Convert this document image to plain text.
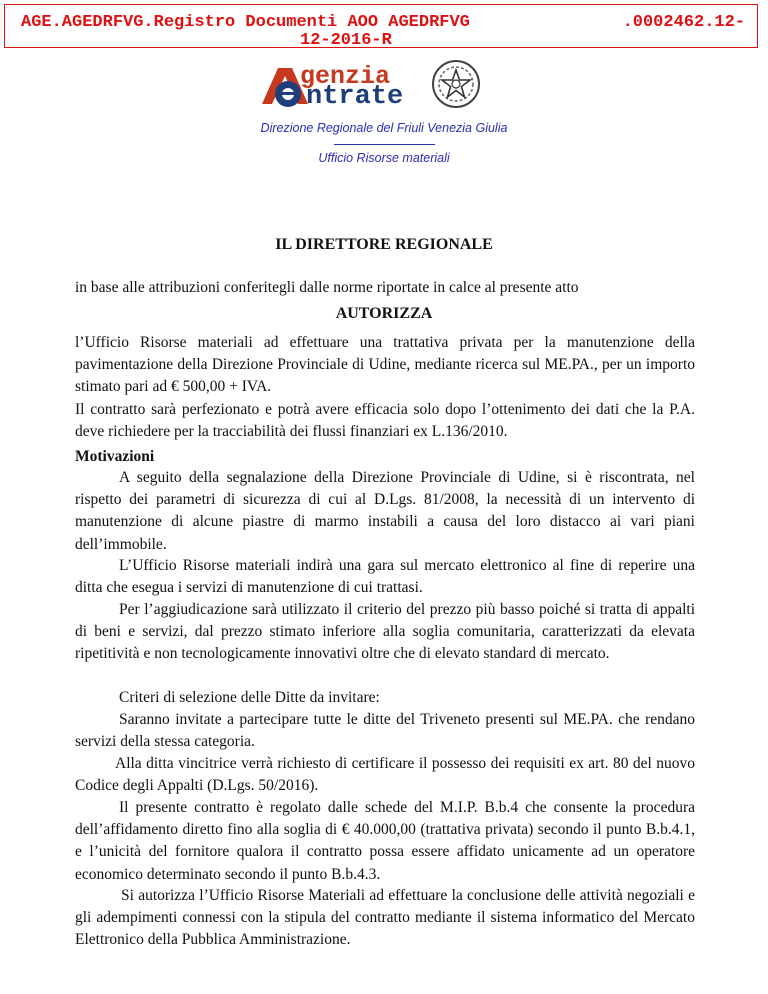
AGE.AGEDRFVG.Registro Documenti AOO AGEDRFVG	.0002462.12-
12-2016-R
genzia
ntrate
Direzione Regionale del Friuli Venezia Giulia
Ufficio Risorse materiali
IL DIRETTORE REGIONALE

in base alle attribuzioni conferitegli dalle norme riportate in calce al presente atto

AUTORIZZA

l’Ufficio Risorse materiali ad effettuare una trattativa privata per la manutenzione della pavimentazione della Direzione Provinciale di Udine, mediante ricerca sul ME.PA., per un importo stimato pari ad € 500,00 + IVA.

Il contratto sarà perfezionato e potrà avere efficacia solo dopo l’ottenimento dei dati che la P.A. deve richiedere per la tracciabilità dei flussi finanziari ex L.136/2010.

Motivazioni

A seguito della segnalazione della Direzione Provinciale di Udine, si è riscontrata, nel rispetto dei parametri di sicurezza di cui al D.Lgs. 81/2008, la necessità di un intervento di manutenzione di alcune piastre di marmo instabili a causa del loro distacco ai vari piani dell’immobile.

L’Ufficio Risorse materiali indirà una gara sul mercato elettronico al fine di reperire una ditta che esegua i servizi di manutenzione di cui trattasi.

Per l’aggiudicazione sarà utilizzato il criterio del prezzo più basso poiché si tratta di appalti di beni e servizi, dal prezzo stimato inferiore alla soglia comunitaria, caratterizzati da elevata ripetitività e non tecnologicamente innovativi oltre che di elevato standard di mercato.

Criteri di selezione delle Ditte da invitare:

Saranno invitate a partecipare tutte le ditte del Triveneto presenti sul ME.PA. che rendano servizi della stessa categoria.

Alla ditta vincitrice verrà richiesto di certificare il possesso dei requisiti ex art. 80 del nuovo Codice degli Appalti (D.Lgs. 50/2016).

Il presente contratto è regolato dalle schede del M.I.P. B.b.4 che consente la procedura dell’affidamento diretto fino alla soglia di € 40.000,00 (trattativa privata) secondo il punto B.b.4.1, e l’unicità del fornitore qualora il contratto possa essere affidato unicamente ad un operatore economico determinato secondo il punto B.b.4.3.

Si autorizza l’Ufficio Risorse Materiali ad effettuare la conclusione delle attività negoziali e gli adempimenti connessi con la stipula del contratto mediante il sistema informatico del Mercato Elettronico della Pubblica Amministrazione.
